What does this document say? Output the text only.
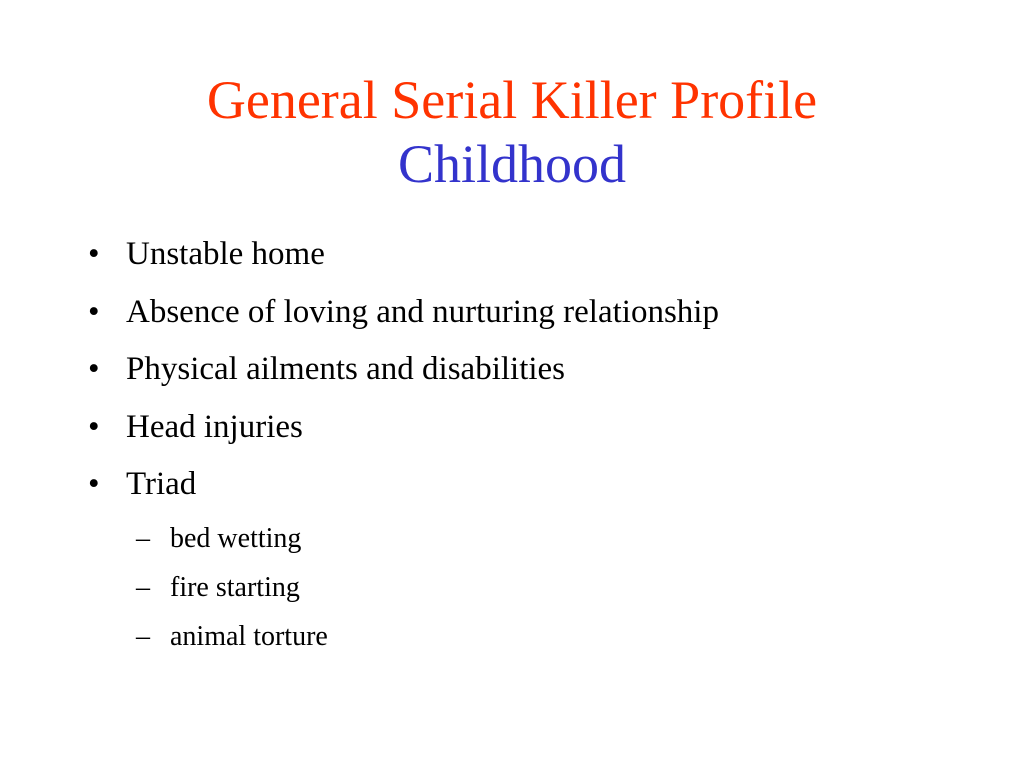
General Serial Killer Profile
Childhood
• Unstable home
• Absence of loving and nurturing relationship
• Physical ailments and disabilities
• Head injuries
• Triad
– bed wetting
– fire starting
– animal torture
